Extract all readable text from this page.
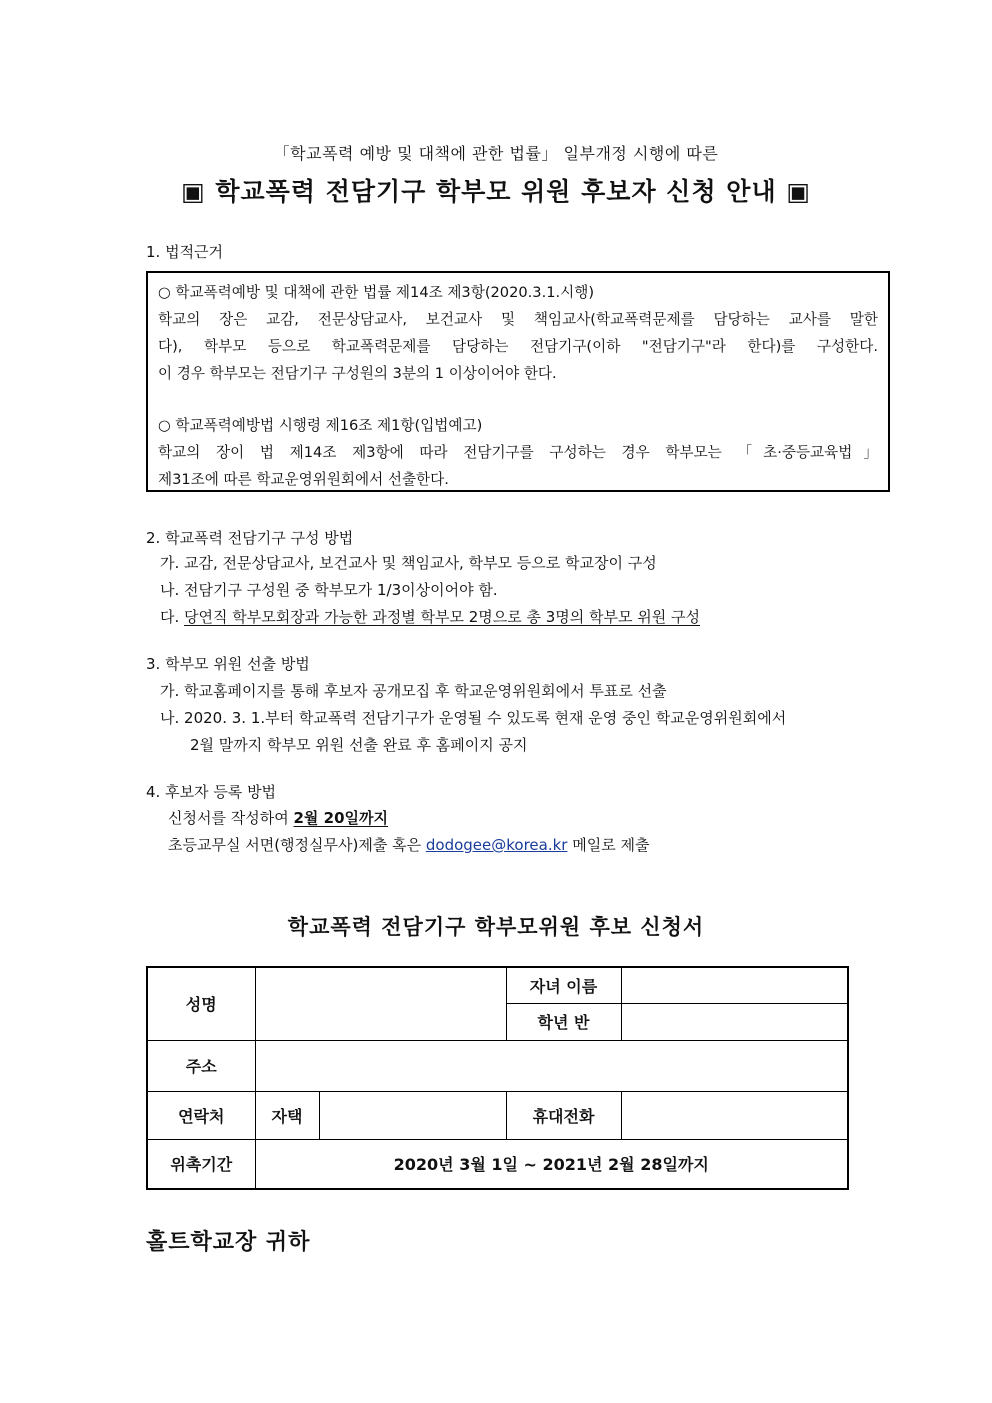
「학교폭력 예방 및 대책에 관한 법률」 일부개정 시행에 따른
▣ 학교폭력 전담기구 학부모 위원 후보자 신청 안내 ▣
1. 법적근거
○ 학교폭력예방 및 대책에 관한 법률 제14조 제3항(2020.3.1.시행)
학교의 장은 교감, 전문상담교사, 보건교사 및 책임교사(학교폭력문제를 담당하는 교사를 말한
다), 학부모 등으로 학교폭력문제를 담당하는 전담기구(이하 "전담기구"라 한다)를 구성한다.
이 경우 학부모는 전담기구 구성원의 3분의 1 이상이어야 한다.
○ 학교폭력예방법 시행령 제16조 제1항(입법예고)
학교의 장이 법 제14조 제3항에 따라 전담기구를 구성하는 경우 학부모는 「초·중등교육법」
제31조에 따른 학교운영위원회에서 선출한다.
2. 학교폭력 전담기구 구성 방법
가. 교감, 전문상담교사, 보건교사 및 책임교사, 학부모 등으로 학교장이 구성
나. 전담기구 구성원 중 학부모가 1/3이상이어야 함.
다. 당연직 학부모회장과 가능한 과정별 학부모 2명으로 총 3명의 학부모 위원 구성
3. 학부모 위원 선출 방법
가. 학교홈페이지를 통해 후보자 공개모집 후 학교운영위원회에서 투표로 선출
나. 2020. 3. 1.부터 학교폭력 전담기구가 운영될 수 있도록 현재 운영 중인 학교운영위원회에서
2월 말까지 학부모 위원 선출 완료 후 홈페이지 공지
4. 후보자 등록 방법
신청서를 작성하여 2월 20일까지
초등교무실 서면(행정실무사)제출 혹은 dodogee@korea.kr 메일로 제출
학교폭력 전담기구 학부모위원 후보 신청서
성명			자녀 이름	
			학년 반	
주소				
연락처	자택		휴대전화	
위촉기간	2020년 3월 1일 ~ 2021년 2월 28일까지			
홀트학교장 귀하
